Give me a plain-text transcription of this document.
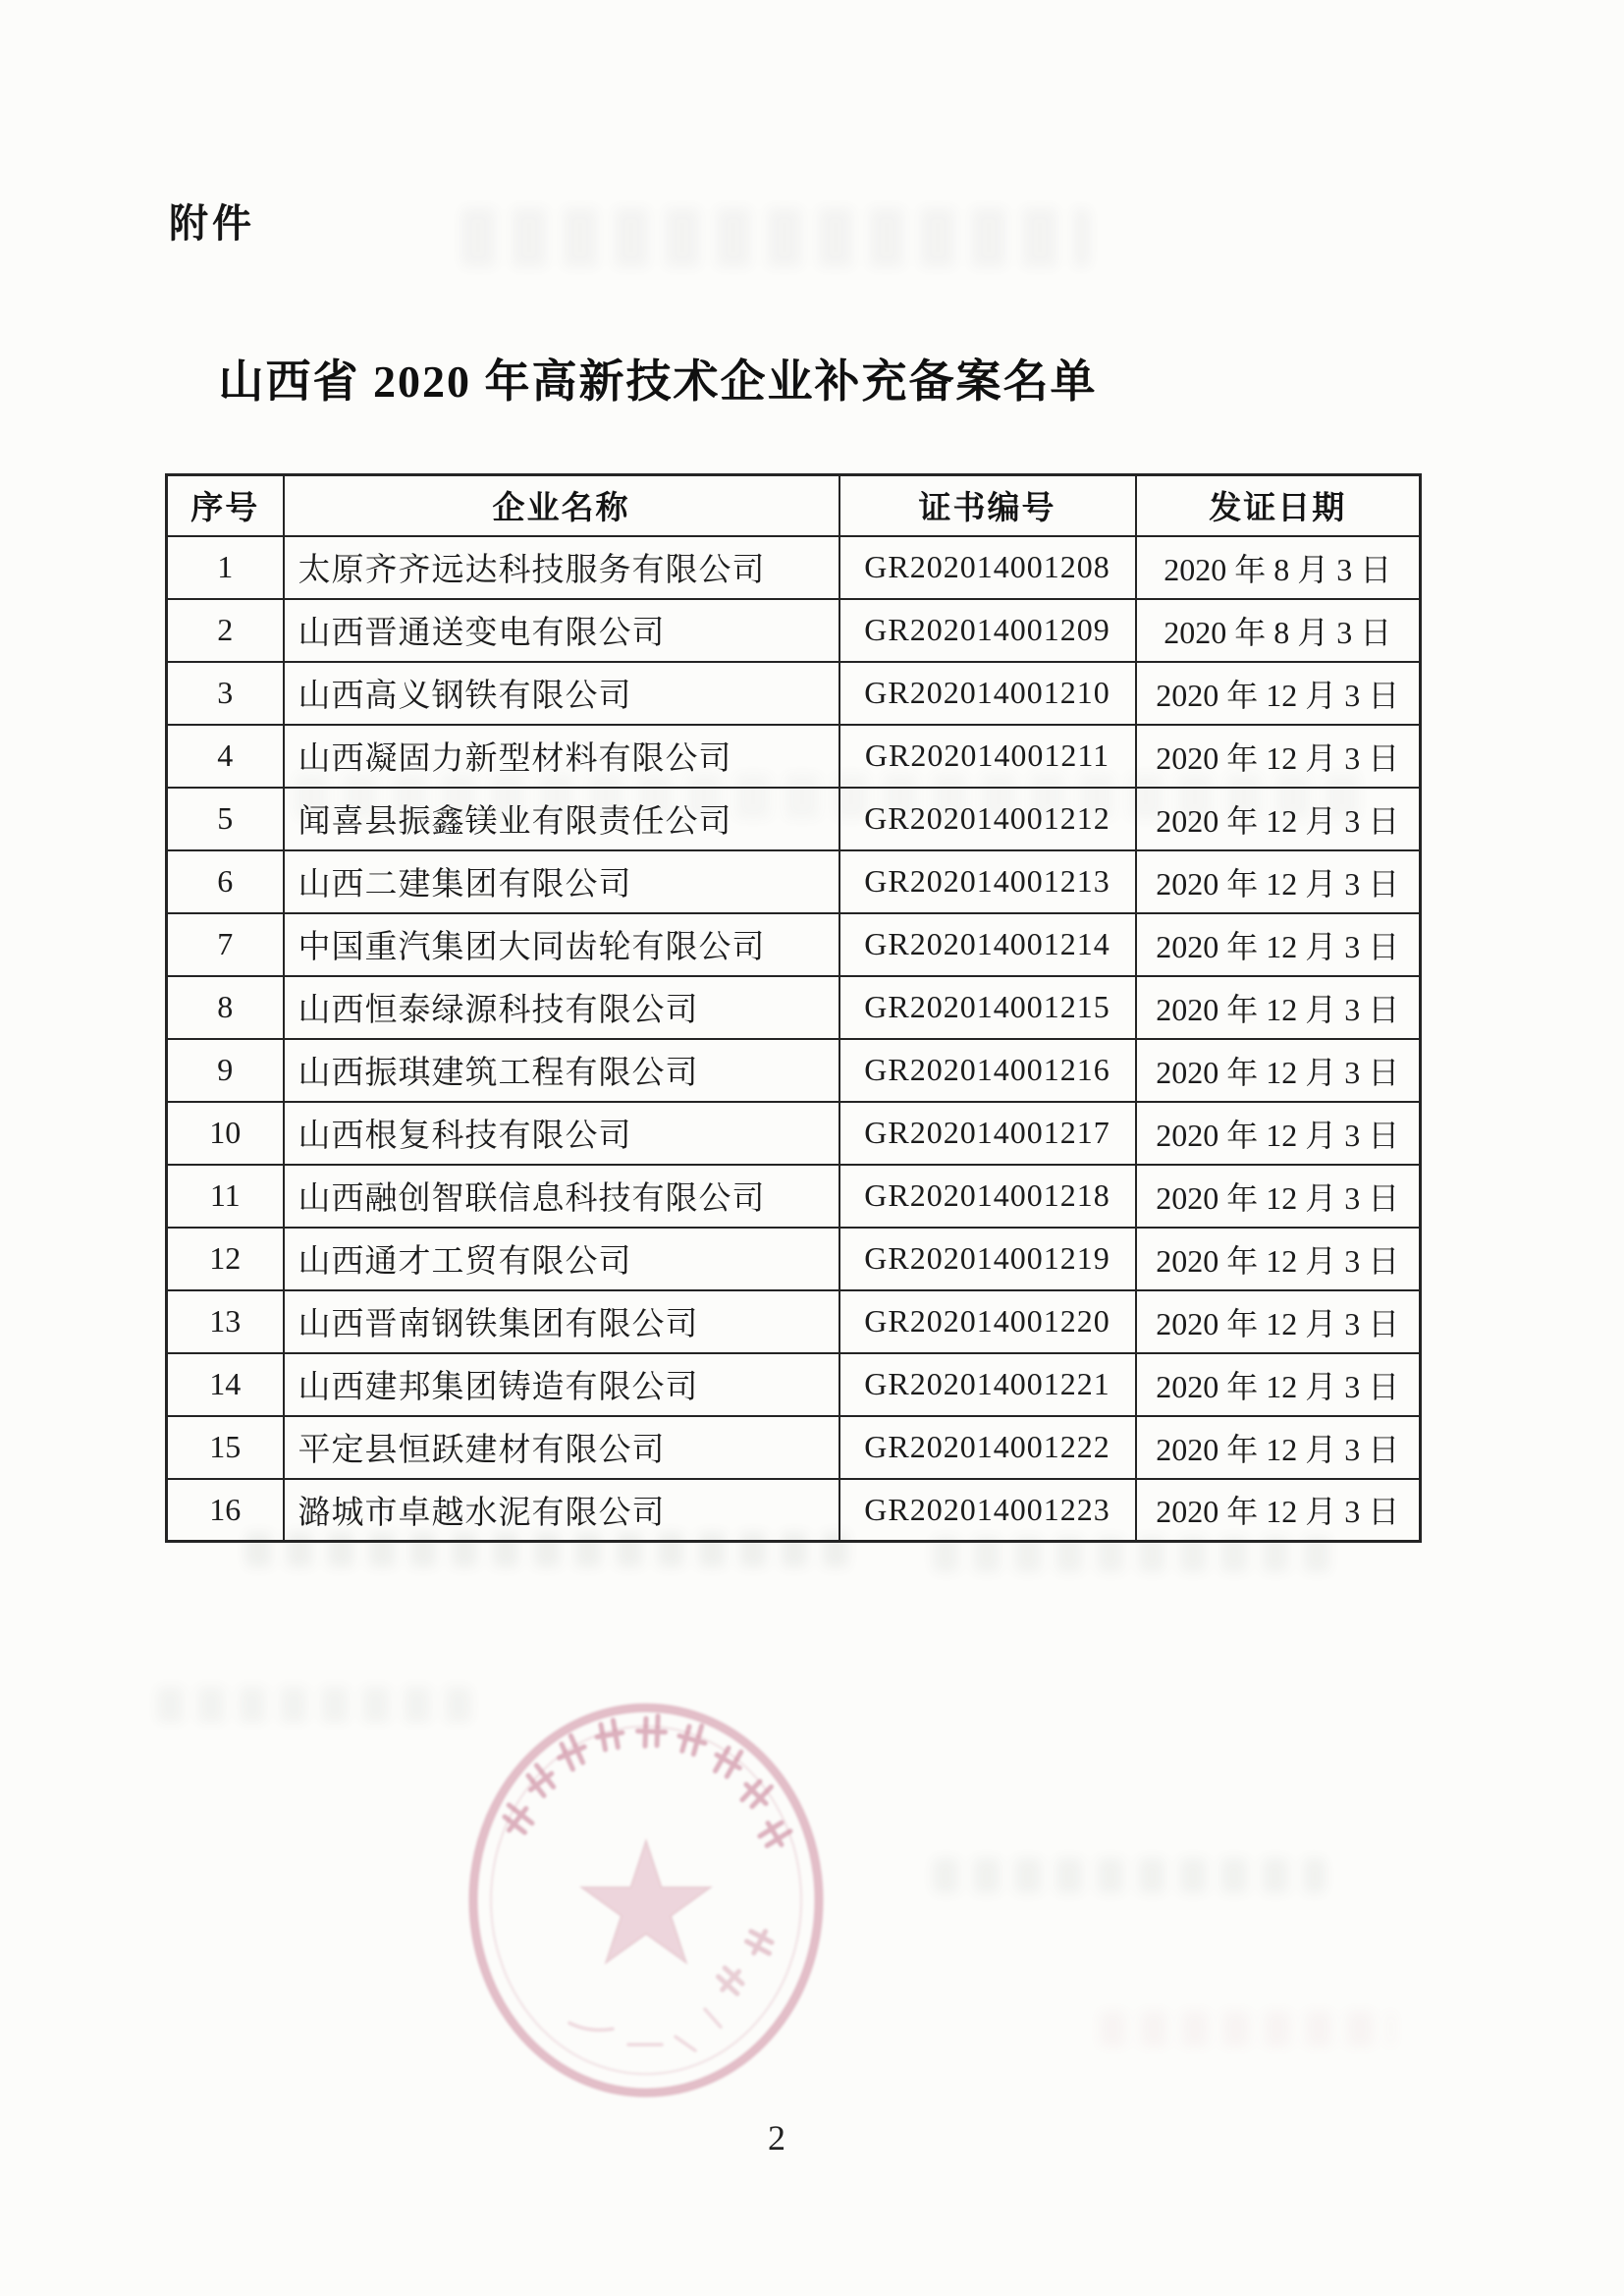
附件
山西省 2020 年高新技术企业补充备案名单
序号	企业名称	证书编号	发证日期
1	太原齐齐远达科技服务有限公司	GR202014001208	2020 年 8 月 3 日
2	山西晋通送变电有限公司	GR202014001209	2020 年 8 月 3 日
3	山西高义钢铁有限公司	GR202014001210	2020 年 12 月 3 日
4	山西凝固力新型材料有限公司	GR202014001211	2020 年 12 月 3 日
5	闻喜县振鑫镁业有限责任公司	GR202014001212	2020 年 12 月 3 日
6	山西二建集团有限公司	GR202014001213	2020 年 12 月 3 日
7	中国重汽集团大同齿轮有限公司	GR202014001214	2020 年 12 月 3 日
8	山西恒泰绿源科技有限公司	GR202014001215	2020 年 12 月 3 日
9	山西振琪建筑工程有限公司	GR202014001216	2020 年 12 月 3 日
10	山西根复科技有限公司	GR202014001217	2020 年 12 月 3 日
11	山西融创智联信息科技有限公司	GR202014001218	2020 年 12 月 3 日
12	山西通才工贸有限公司	GR202014001219	2020 年 12 月 3 日
13	山西晋南钢铁集团有限公司	GR202014001220	2020 年 12 月 3 日
14	山西建邦集团铸造有限公司	GR202014001221	2020 年 12 月 3 日
15	平定县恒跃建材有限公司	GR202014001222	2020 年 12 月 3 日
16	潞城市卓越水泥有限公司	GR202014001223	2020 年 12 月 3 日
2
